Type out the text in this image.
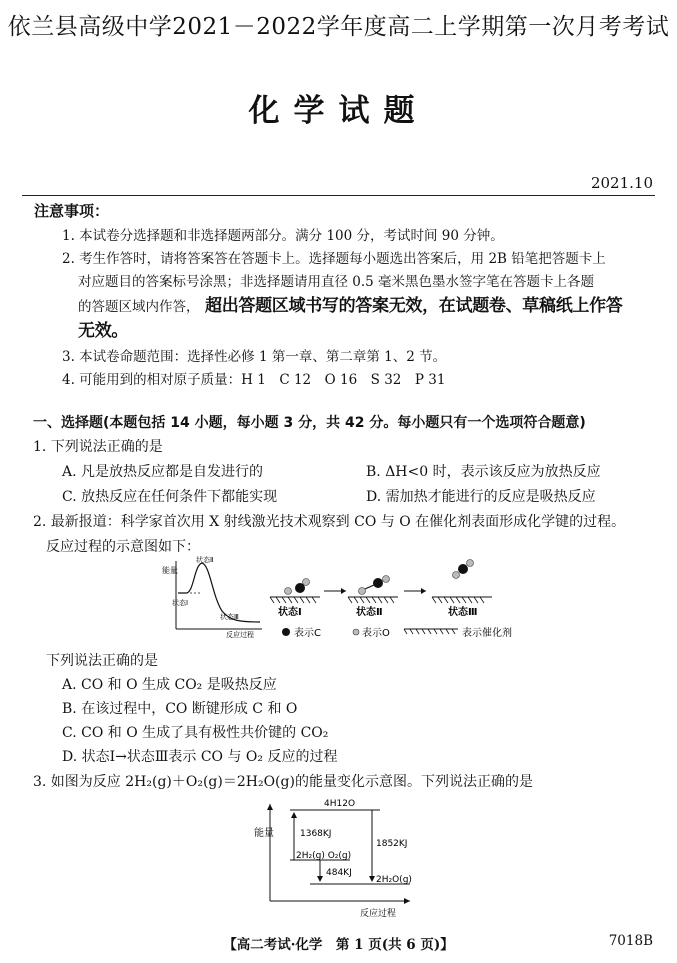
依兰县高级中学2021－2022学年度高二上学期第一次月考考试
化学试题
2021.10
注意事项：
1. 本试卷分选择题和非选择题两部分。满分 100 分，考试时间 90 分钟。
2. 考生作答时，请将答案答在答题卡上。选择题每小题选出答案后，用 2B 铅笔把答题卡上
对应题目的答案标号涂黑；非选择题请用直径 0.5 毫米黑色墨水签字笔在答题卡上各题
的答题区域内作答， 超出答题区域书写的答案无效，在试题卷、草稿纸上作答
无效。
3. 本试卷命题范围：选择性必修 1 第一章、第二章第 1、2 节。
4. 可能用到的相对原子质量：H 1　C 12　O 16　S 32　P 31
一、选择题(本题包括 14 小题，每小题 3 分，共 42 分。每小题只有一个选项符合题意)
1. 下列说法正确的是
A. 凡是放热反应都是自发进行的	B. ΔH<0 时，表示该反应为放热反应
C. 放热反应在任何条件下都能实现	D. 需加热才能进行的反应是吸热反应
2. 最新报道：科学家首次用 X 射线激光技术观察到 CO 与 O 在催化剂表面形成化学键的过程。
反应过程的示意图如下：
能量
状态Ⅱ
状态Ⅰ
状态Ⅲ
反应过程
状态Ⅰ	状态Ⅱ	状态Ⅲ
表示C	表示O	表示催化剂
下列说法正确的是
A. CO 和 O 生成 CO₂ 是吸热反应
B. 在该过程中，CO 断键形成 C 和 O
C. CO 和 O 生成了具有极性共价键的 CO₂
D. 状态Ⅰ→状态Ⅲ表示 CO 与 O₂ 反应的过程
3. 如图为反应 2H₂(g)＋O₂(g)＝2H₂O(g)的能量变化示意图。下列说法正确的是
能量
4H12O
2H₂(g) O₂(g)
2H₂O(g)
1368KJ
1852KJ
484KJ
反应过程
【高二考试·化学　第 1 页(共 6 页)】	7018B
